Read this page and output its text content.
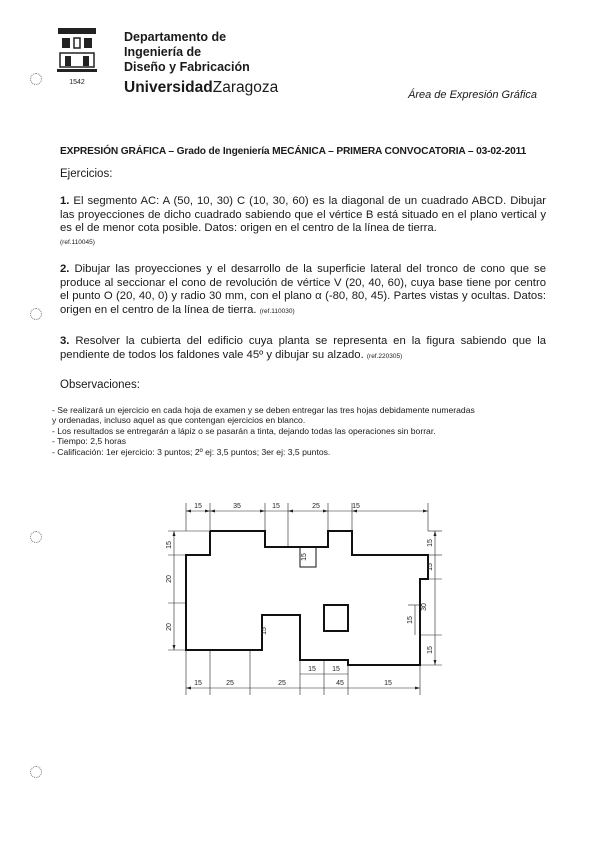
1542
Departamento de
Ingeniería de
Diseño y Fabricación
UniversidadZaragoza	Área de Expresión Gráfica
EXPRESIÓN GRÁFICA – Grado de Ingeniería MECÁNICA – PRIMERA CONVOCATORIA – 03-02-2011
Ejercicios:
1. El segmento AC: A (50, 10, 30) C (10, 30, 60) es la diagonal de un cuadrado ABCD. Dibujar las proyecciones de dicho cuadrado sabiendo que el vértice B está situado en el plano vertical y es el de menor cota posible. Datos: origen en el centro de la línea de tierra.
(ref.110045)
2. Dibujar las proyecciones y el desarrollo de la superficie lateral del tronco de cono que se produce al seccionar el cono de revolución de vértice V (20, 40, 60), cuya base tiene por centro el punto O (20, 40, 0) y radio 30 mm, con el plano α (-80, 80, 45). Partes vistas y ocultas. Datos: origen en el centro de la línea de tierra. (ref.110030)
3. Resolver la cubierta del edificio cuya planta se representa en la figura sabiendo que la pendiente de todos los faldones vale 45º y dibujar su alzado. (ref.220305)
Observaciones:
- Se realizará un ejercicio en cada hoja de examen y se deben entregar las tres hojas debidamente numeradas
y ordenadas, incluso aquel as que contengan ejercicios en blanco.
- Los resultados se entregarán a lápiz o se pasarán a tinta, dejando todas las operaciones sin borrar.
- Tiempo: 2,5 horas
- Calificación: 1er ejercicio: 3 puntos; 2º ej: 3,5 puntos; 3er ej: 3,5 puntos.
15	35	15	25	15
15	25	25
15 15
45	15
15
20
20
15
15
30
15
15
15
15
